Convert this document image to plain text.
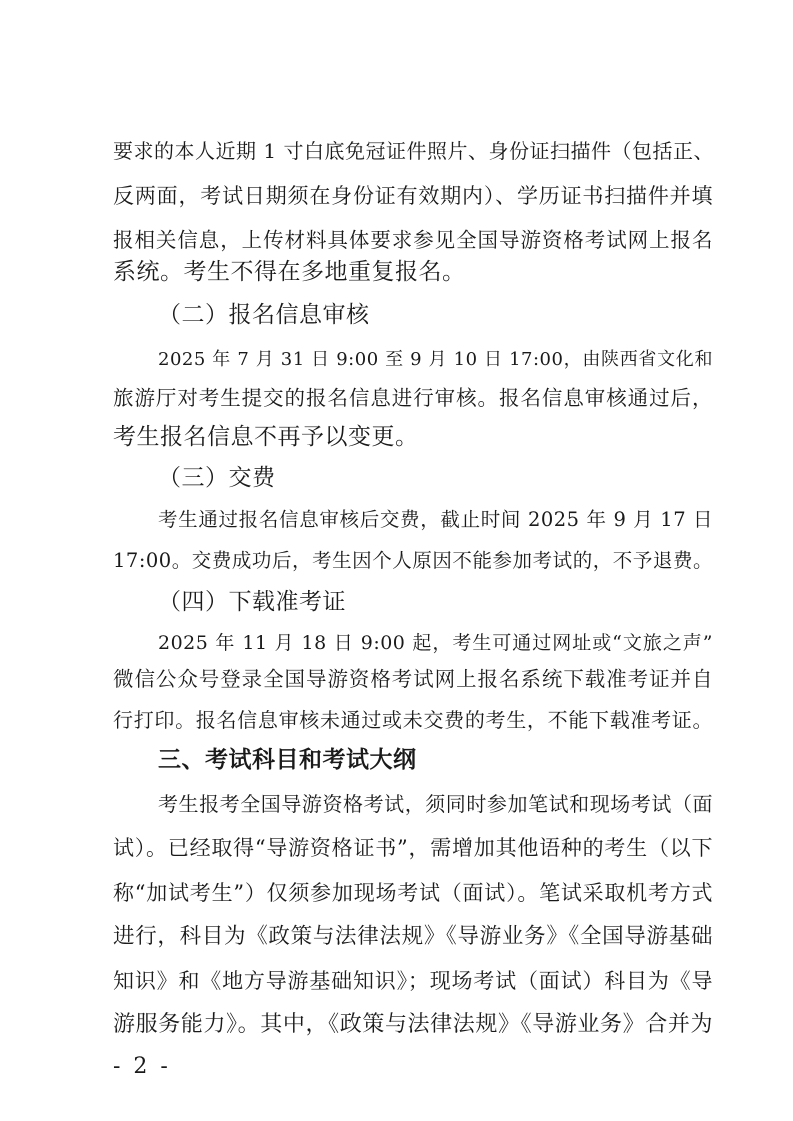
要求的本人近期 1 寸白底免冠证件照片、身份证扫描件（包括正、
反两面，考试日期须在身份证有效期内）、学历证书扫描件并填
报相关信息，上传材料具体要求参见全国导游资格考试网上报名
系统。考生不得在多地重复报名。
（二）报名信息审核
2025 年 7 月 31 日 9:00 至 9 月 10 日 17:00，由陕西省文化和
旅游厅对考生提交的报名信息进行审核。报名信息审核通过后，
考生报名信息不再予以变更。
（三）交费
考生通过报名信息审核后交费，截止时间 2025 年 9 月 17 日
17:00。交费成功后，考生因个人原因不能参加考试的，不予退费。
（四）下载准考证
2025 年 11 月 18 日 9:00 起，考生可通过网址或“文旅之声”
微信公众号登录全国导游资格考试网上报名系统下载准考证并自
行打印。报名信息审核未通过或未交费的考生，不能下载准考证。
三、考试科目和考试大纲
考生报考全国导游资格考试，须同时参加笔试和现场考试（面
试）。已经取得“导游资格证书”，需增加其他语种的考生（以下
称“加试考生”）仅须参加现场考试（面试）。笔试采取机考方式
进行，科目为《政策与法律法规》《导游业务》《全国导游基础
知识》和《地方导游基础知识》；现场考试（面试）科目为《导
游服务能力》。其中，《政策与法律法规》《导游业务》合并为
- 2 -
